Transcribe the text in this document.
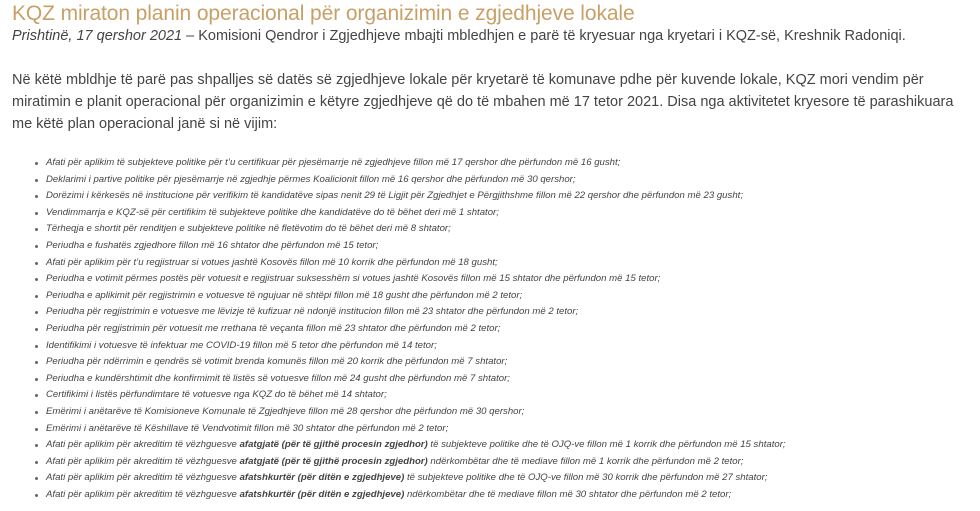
KQZ miraton planin operacional për organizimin e zgjedhjeve lokale

Prishtinë, 17 qershor 2021 – Komisioni Qendror i Zgjedhjeve mbajti mbledhjen e parë të kryesuar nga kryetari i KQZ-së, Kreshnik Radoniqi.

Në këtë mbldhje të parë pas shpalljes së datës së zgjedhjeve lokale për kryetarë të komunave pdhe për kuvende lokale, KQZ mori vendim për miratimin e planit operacional për organizimin e këtyre zgjedhjeve që do të mbahen më 17 tetor 2021. Disa nga aktivitetet kryesore të parashikuara me këtë plan operacional janë si në vijim:

Afati për aplikim të subjekteve politike për t’u certifikuar për pjesëmarrje në zgjedhjeve fillon më 17 qershor dhe përfundon më 16 gusht;
Deklarimi i partive politike për pjesëmarrje në zgjedhje përmes Koalicionit fillon më 16 qershor dhe përfundon më 30 qershor;
Dorëzimi i kërkesës në institucione për verifikim të kandidatëve sipas nenit 29 të Ligjit për Zgjedhjet e Përgjithshme fillon më 22 qershor dhe përfundon më 23 gusht;
Vendimmarrja e KQZ-së për certifikim të subjekteve politike dhe kandidatëve do të bëhet deri më 1 shtator;
Tërheqja e shortit për renditjen e subjekteve politike në fletëvotim do të bëhet deri më 8 shtator;
Periudha e fushatës zgjedhore fillon më 16 shtator dhe përfundon më 15 tetor;
Afati për aplikim për t’u regjistruar si votues jashtë Kosovës fillon më 10 korrik dhe përfundon më 18 gusht;
Periudha e votimit përmes postës për votuesit e regjistruar suksesshëm si votues jashtë Kosovës fillon më 15 shtator dhe përfundon më 15 tetor;
Periudha e aplikimit për regjistrimin e votuesve të ngujuar në shtëpi fillon më 18 gusht dhe përfundon më 2 tetor;
Periudha për regjistrimin e votuesve me lëvizje të kufizuar në ndonjë institucion fillon më 23 shtator dhe përfundon më 2 tetor;
Periudha për regjistrimin për votuesit me rrethana të veçanta fillon më 23 shtator dhe përfundon më 2 tetor;
Identifikimi i votuesve të infektuar me COVID-19 fillon më 5 tetor dhe përfundon më 14 tetor;
Periudha për ndërrimin e qendrës së votimit brenda komunës fillon më 20 korrik dhe përfundon më 7 shtator;
Periudha e kundërshtimit dhe konfirmimit të listës së votuesve fillon më 24 gusht dhe përfundon më 7 shtator;
Certifikimi i listës përfundimtare të votuesve nga KQZ do të bëhet më 14 shtator;
Emërimi i anëtarëve të Komisioneve Komunale të Zgjedhjeve fillon më 28 qershor dhe përfundon më 30 qershor;
Emërimi i anëtarëve të Këshillave të Vendvotimit fillon më 30 shtator dhe përfundon më 2 tetor;
Afati për aplikim për akreditim të vëzhguesve afatgjatë (për të gjithë procesin zgjedhor) të subjekteve politike dhe të OJQ-ve fillon më 1 korrik dhe përfundon më 15 shtator;
Afati për aplikim për akreditim të vëzhguesve afatgjatë (për të gjithë procesin zgjedhor) ndërkombëtar dhe të mediave fillon më 1 korrik dhe përfundon më 2 tetor;
Afati për aplikim për akreditim të vëzhguesve afatshkurtër (për ditën e zgjedhjeve) të subjekteve politike dhe të OJQ-ve fillon më 30 korrik dhe përfundon më 27 shtator;
Afati për aplikim për akreditim të vëzhguesve afatshkurtër (për ditën e zgjedhjeve) ndërkombëtar dhe të mediave fillon më 30 shtator dhe përfundon më 2 tetor;
